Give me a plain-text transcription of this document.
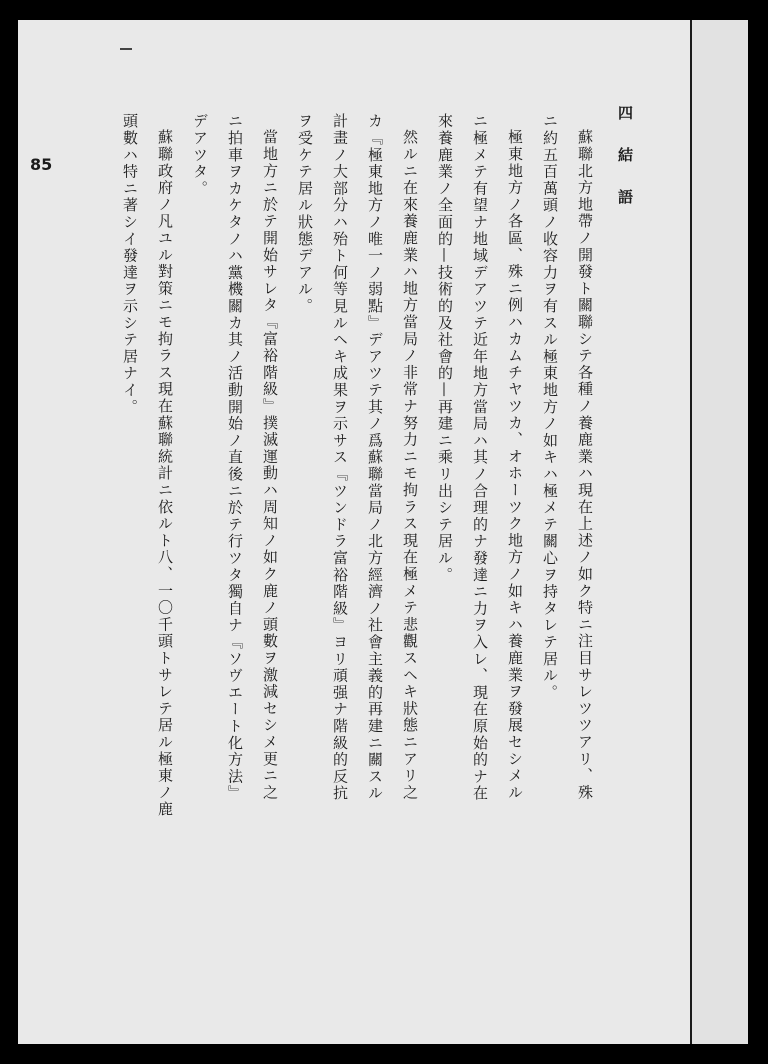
85	四　結　語
蘇聯北方地帶ノ開發ト關聯シテ各種ノ養鹿業ハ現在上述ノ如ク特ニ注目サレツツアリ、殊
ニ約五百萬頭ノ收容力ヲ有スル極東地方ノ如キハ極メテ關心ヲ持タレテ居ル。
極東地方ノ各區、殊ニ例ハカムチヤツカ、オホーツク地方ノ如キハ養鹿業ヲ發展セシメル
ニ極メテ有望ナ地域デアツテ近年地方當局ハ其ノ合理的ナ發達ニ力ヲ入レ、現在原始的ナ在
來養鹿業ノ全面的—技術的及社會的—再建ニ乘リ出シテ居ル。
然ルニ在來養鹿業ハ地方當局ノ非常ナ努力ニモ拘ラス現在極メテ悲觀スヘキ狀態ニアリ之
カ『極東地方ノ唯一ノ弱點』デアツテ其ノ爲蘇聯當局ノ北方經濟ノ社會主義的再建ニ關スル
計畫ノ大部分ハ殆ト何等見ルヘキ成果ヲ示サス『ツンドラ富裕階級』ヨリ頑强ナ階級的反抗
ヲ受ケテ居ル狀態デアル。
當地方ニ於テ開始サレタ『富裕階級』撲滅運動ハ周知ノ如ク鹿ノ頭數ヲ激減セシメ更ニ之
ニ拍車ヲカケタノハ黨機關カ其ノ活動開始ノ直後ニ於テ行ツタ獨自ナ『ソヴエート化方法』
デアツタ。
蘇聯政府ノ凡ユル對策ニモ拘ラス現在蘇聯統計ニ依ルト八、一〇千頭トサレテ居ル極東ノ鹿
頭數ハ特ニ著シイ發達ヲ示シテ居ナイ。
